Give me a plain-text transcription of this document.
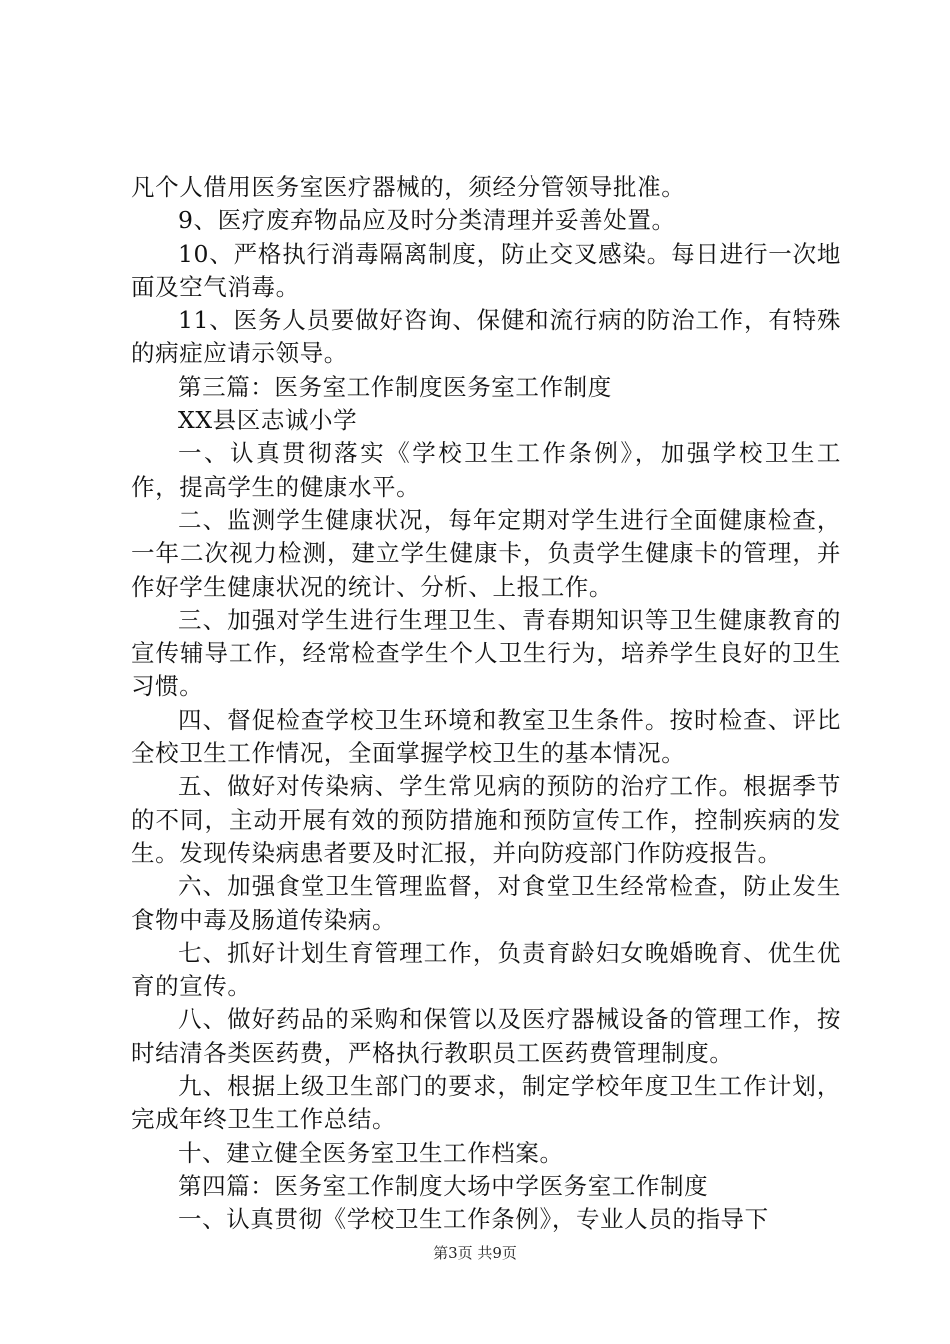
凡个人借用医务室医疗器械的，须经分管领导批准。

9、医疗废弃物品应及时分类清理并妥善处置。

10、严格执行消毒隔离制度，防止交叉感染。每日进行一次地面及空气消毒。

11、医务人员要做好咨询、保健和流行病的防治工作，有特殊的病症应请示领导。

第三篇：医务室工作制度医务室工作制度

XX县区志诚小学

一、认真贯彻落实《学校卫生工作条例》，加强学校卫生工作，提高学生的健康水平。

二、监测学生健康状况，每年定期对学生进行全面健康检查，一年二次视力检测，建立学生健康卡，负责学生健康卡的管理，并作好学生健康状况的统计、分析、上报工作。

三、加强对学生进行生理卫生、青春期知识等卫生健康教育的宣传辅导工作，经常检查学生个人卫生行为，培养学生良好的卫生习惯。

四、督促检查学校卫生环境和教室卫生条件。按时检查、评比全校卫生工作情况，全面掌握学校卫生的基本情况。

五、做好对传染病、学生常见病的预防的治疗工作。根据季节的不同，主动开展有效的预防措施和预防宣传工作，控制疾病的发生。发现传染病患者要及时汇报，并向防疫部门作防疫报告。

六、加强食堂卫生管理监督，对食堂卫生经常检查，防止发生食物中毒及肠道传染病。

七、抓好计划生育管理工作，负责育龄妇女晚婚晚育、优生优育的宣传。

八、做好药品的采购和保管以及医疗器械设备的管理工作，按时结清各类医药费，严格执行教职员工医药费管理制度。

九、根据上级卫生部门的要求，制定学校年度卫生工作计划，完成年终卫生工作总结。

十、建立健全医务室卫生工作档案。

第四篇：医务室工作制度大场中学医务室工作制度

一、认真贯彻《学校卫生工作条例》，专业人员的指导下

第3页 共9页
